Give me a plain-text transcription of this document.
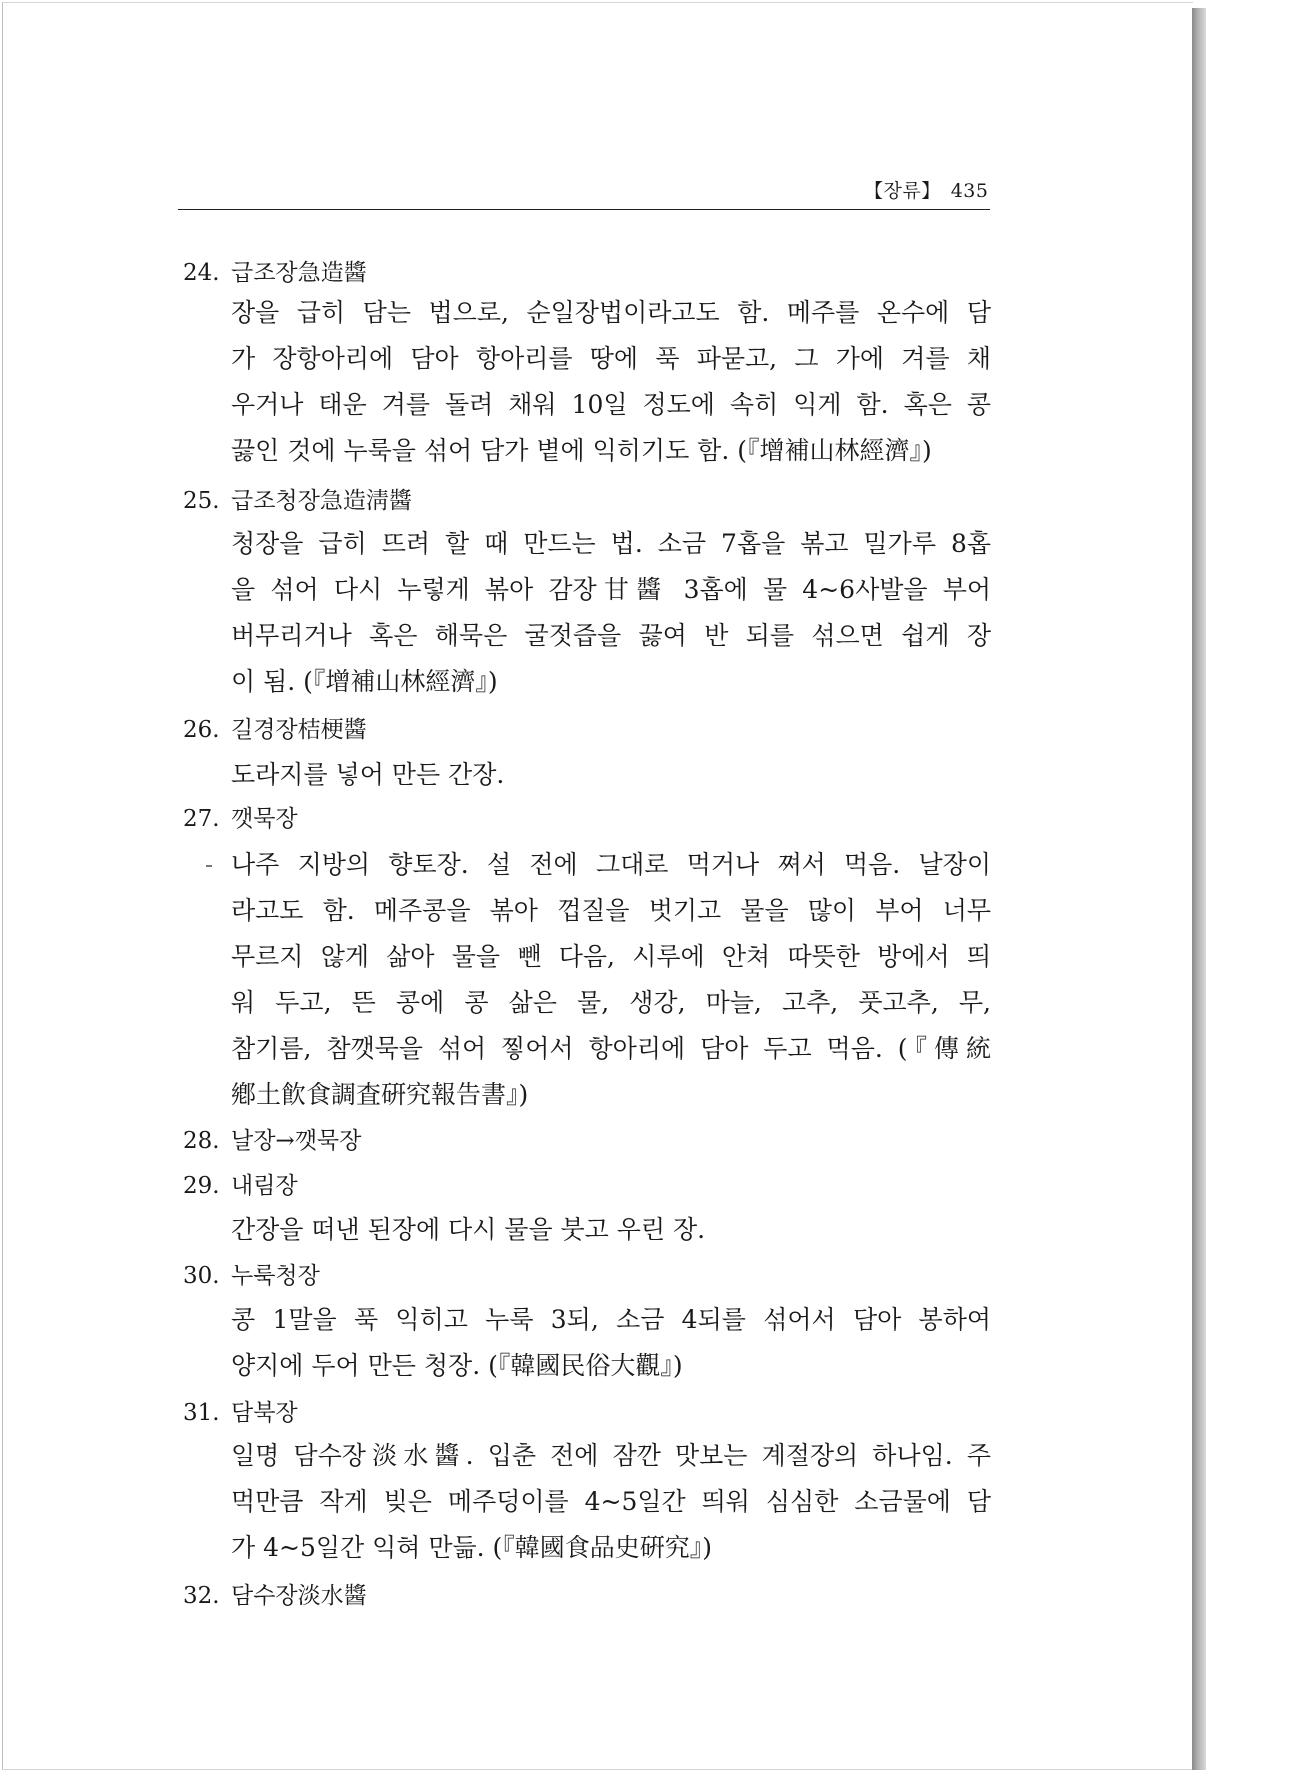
【장류】 435
24. 급조장急造醬
장을 급히 담는 법으로, 순일장법이라고도 함. 메주를 온수에 담
가 장항아리에 담아 항아리를 땅에 푹 파묻고, 그 가에 겨를 채
우거나 태운 겨를 돌려 채워 10일 정도에 속히 익게 함. 혹은 콩
끓인 것에 누룩을 섞어 담가 볕에 익히기도 함. (『增補山林經濟』)
25. 급조청장急造淸醬
청장을 급히 뜨려 할 때 만드는 법. 소금 7홉을 볶고 밀가루 8홉
을 섞어 다시 누렇게 볶아 감장甘醬 3홉에 물 4~6사발을 부어
버무리거나 혹은 해묵은 굴젓즙을 끓여 반 되를 섞으면 쉽게 장
이 됨. (『增補山林經濟』)
26. 길경장桔梗醬
도라지를 넣어 만든 간장.
27. 깻묵장
나주 지방의 향토장. 설 전에 그대로 먹거나 쪄서 먹음. 날장이
라고도 함. 메주콩을 볶아 껍질을 벗기고 물을 많이 부어 너무
무르지 않게 삶아 물을 뺀 다음, 시루에 안쳐 따뜻한 방에서 띄
워 두고, 뜬 콩에 콩 삶은 물, 생강, 마늘, 고추, 풋고추, 무,
참기름, 참깻묵을 섞어 찧어서 항아리에 담아 두고 먹음. (『傳統
鄕土飮食調査硏究報告書』)
28. 날장→깻묵장
29. 내림장
간장을 떠낸 된장에 다시 물을 붓고 우린 장.
30. 누룩청장
콩 1말을 푹 익히고 누룩 3되, 소금 4되를 섞어서 담아 봉하여
양지에 두어 만든 청장. (『韓國民俗大觀』)
31. 담북장
일명 담수장淡水醬. 입춘 전에 잠깐 맛보는 계절장의 하나임. 주
먹만큼 작게 빚은 메주덩이를 4~5일간 띄워 심심한 소금물에 담
가 4~5일간 익혀 만듦. (『韓國食品史硏究』)
32. 담수장淡水醬
